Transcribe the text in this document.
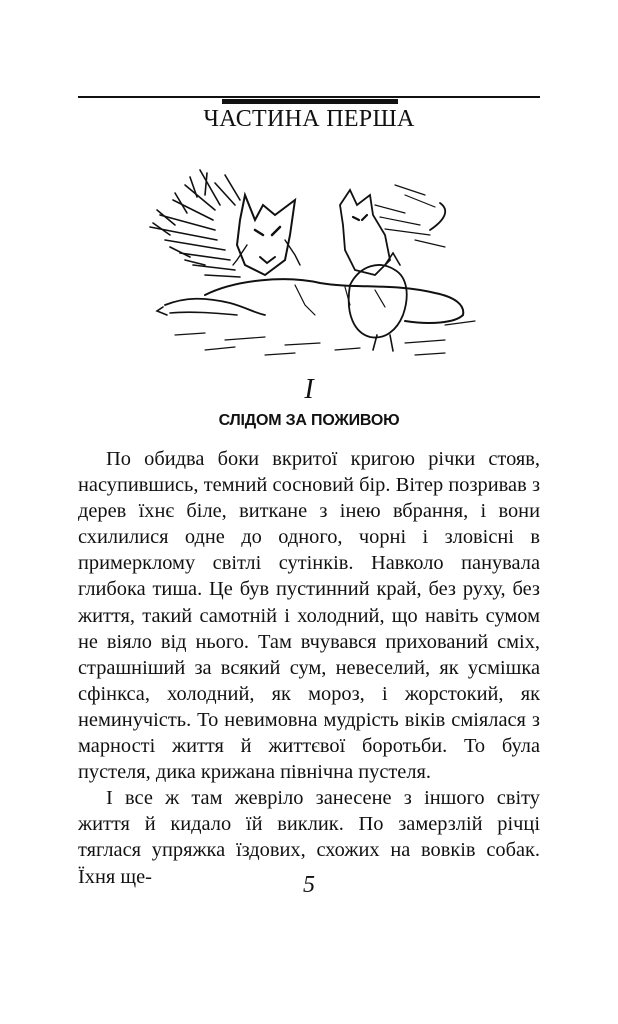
ЧАСТИНА ПЕРША
I
СЛІДОМ ЗА ПОЖИВОЮ

По обидва боки вкритої кригою річки стояв, насупившись, темний сосновий бір. Вітер позривав з дерев їхнє біле, виткане з інею вбрання, і вони схилилися одне до одного, чорні і зловісні в примерклому світлі сутінків. Навколо панувала глибока тиша. Це був пустинний край, без руху, без життя, такий самотній і холодний, що навіть сумом не віяло від нього. Там вчувався прихований сміх, страшніший за всякий сум, невеселий, як усмішка сфінкса, холодний, як мороз, і жорстокий, як неминучість. То невимовна мудрість віків сміялася з марності життя й життєвої боротьби. То була пустеля, дика крижана північна пустеля.

І все ж там жевріло занесене з іншого світу життя й кидало їй виклик. По замерзлій річці тяглася упряжка їздових, схожих на вовків собак. Їхня ще-	5
